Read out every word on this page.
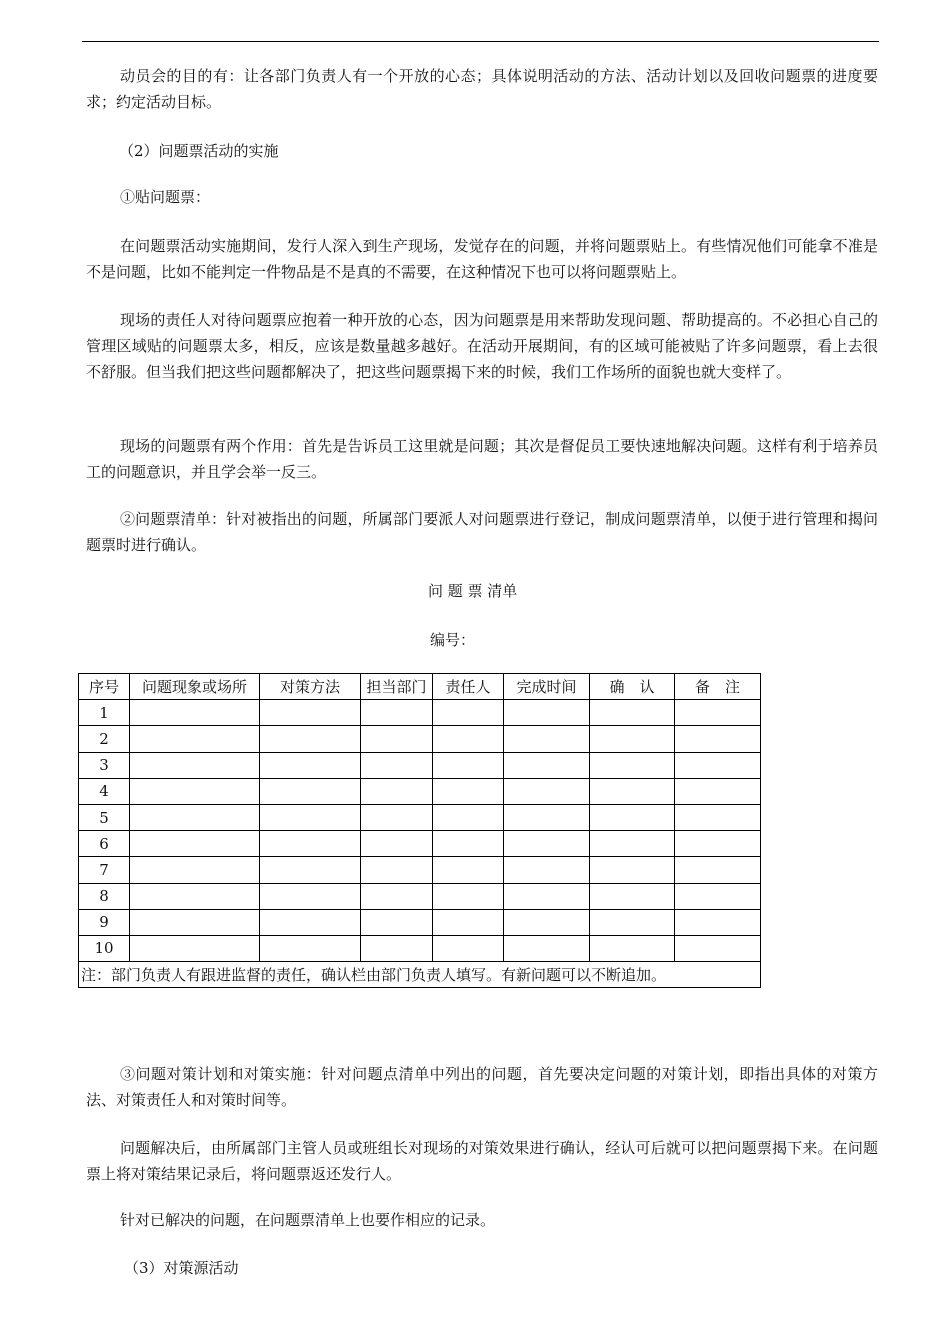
动员会的目的有：让各部门负责人有一个开放的心态；具体说明活动的方法、活动计划以及回收问题票的进度要求；约定活动目标。

（2）问题票活动的实施

①贴问题票：

在问题票活动实施期间，发行人深入到生产现场，发觉存在的问题，并将问题票贴上。有些情况他们可能拿不准是不是问题，比如不能判定一件物品是不是真的不需要，在这种情况下也可以将问题票贴上。

现场的责任人对待问题票应抱着一种开放的心态，因为问题票是用来帮助发现问题、帮助提高的。不必担心自己的管理区域贴的问题票太多，相反，应该是数量越多越好。在活动开展期间，有的区域可能被贴了许多问题票，看上去很不舒服。但当我们把这些问题都解决了，把这些问题票揭下来的时候，我们工作场所的面貌也就大变样了。

现场的问题票有两个作用：首先是告诉员工这里就是问题；其次是督促员工要快速地解决问题。这样有利于培养员工的问题意识，并且学会举一反三。

②问题票清单：针对被指出的问题，所属部门要派人对问题票进行登记，制成问题票清单，以便于进行管理和揭问题票时进行确认。

问 题 票 清单

编号：

序号	问题现象或场所	对策方法	担当部门	责任人	完成时间	确　认	备　注
1							
2							
3							
4							
5							
6							
7							
8							
9							
10							
注：部门负责人有跟进监督的责任，确认栏由部门负责人填写。有新问题可以不断追加。							

③问题对策计划和对策实施：针对问题点清单中列出的问题，首先要决定问题的对策计划，即指出具体的对策方法、对策责任人和对策时间等。

问题解决后，由所属部门主管人员或班组长对现场的对策效果进行确认，经认可后就可以把问题票揭下来。在问题票上将对策结果记录后，将问题票返还发行人。

针对已解决的问题，在问题票清单上也要作相应的记录。

（3）对策源活动
